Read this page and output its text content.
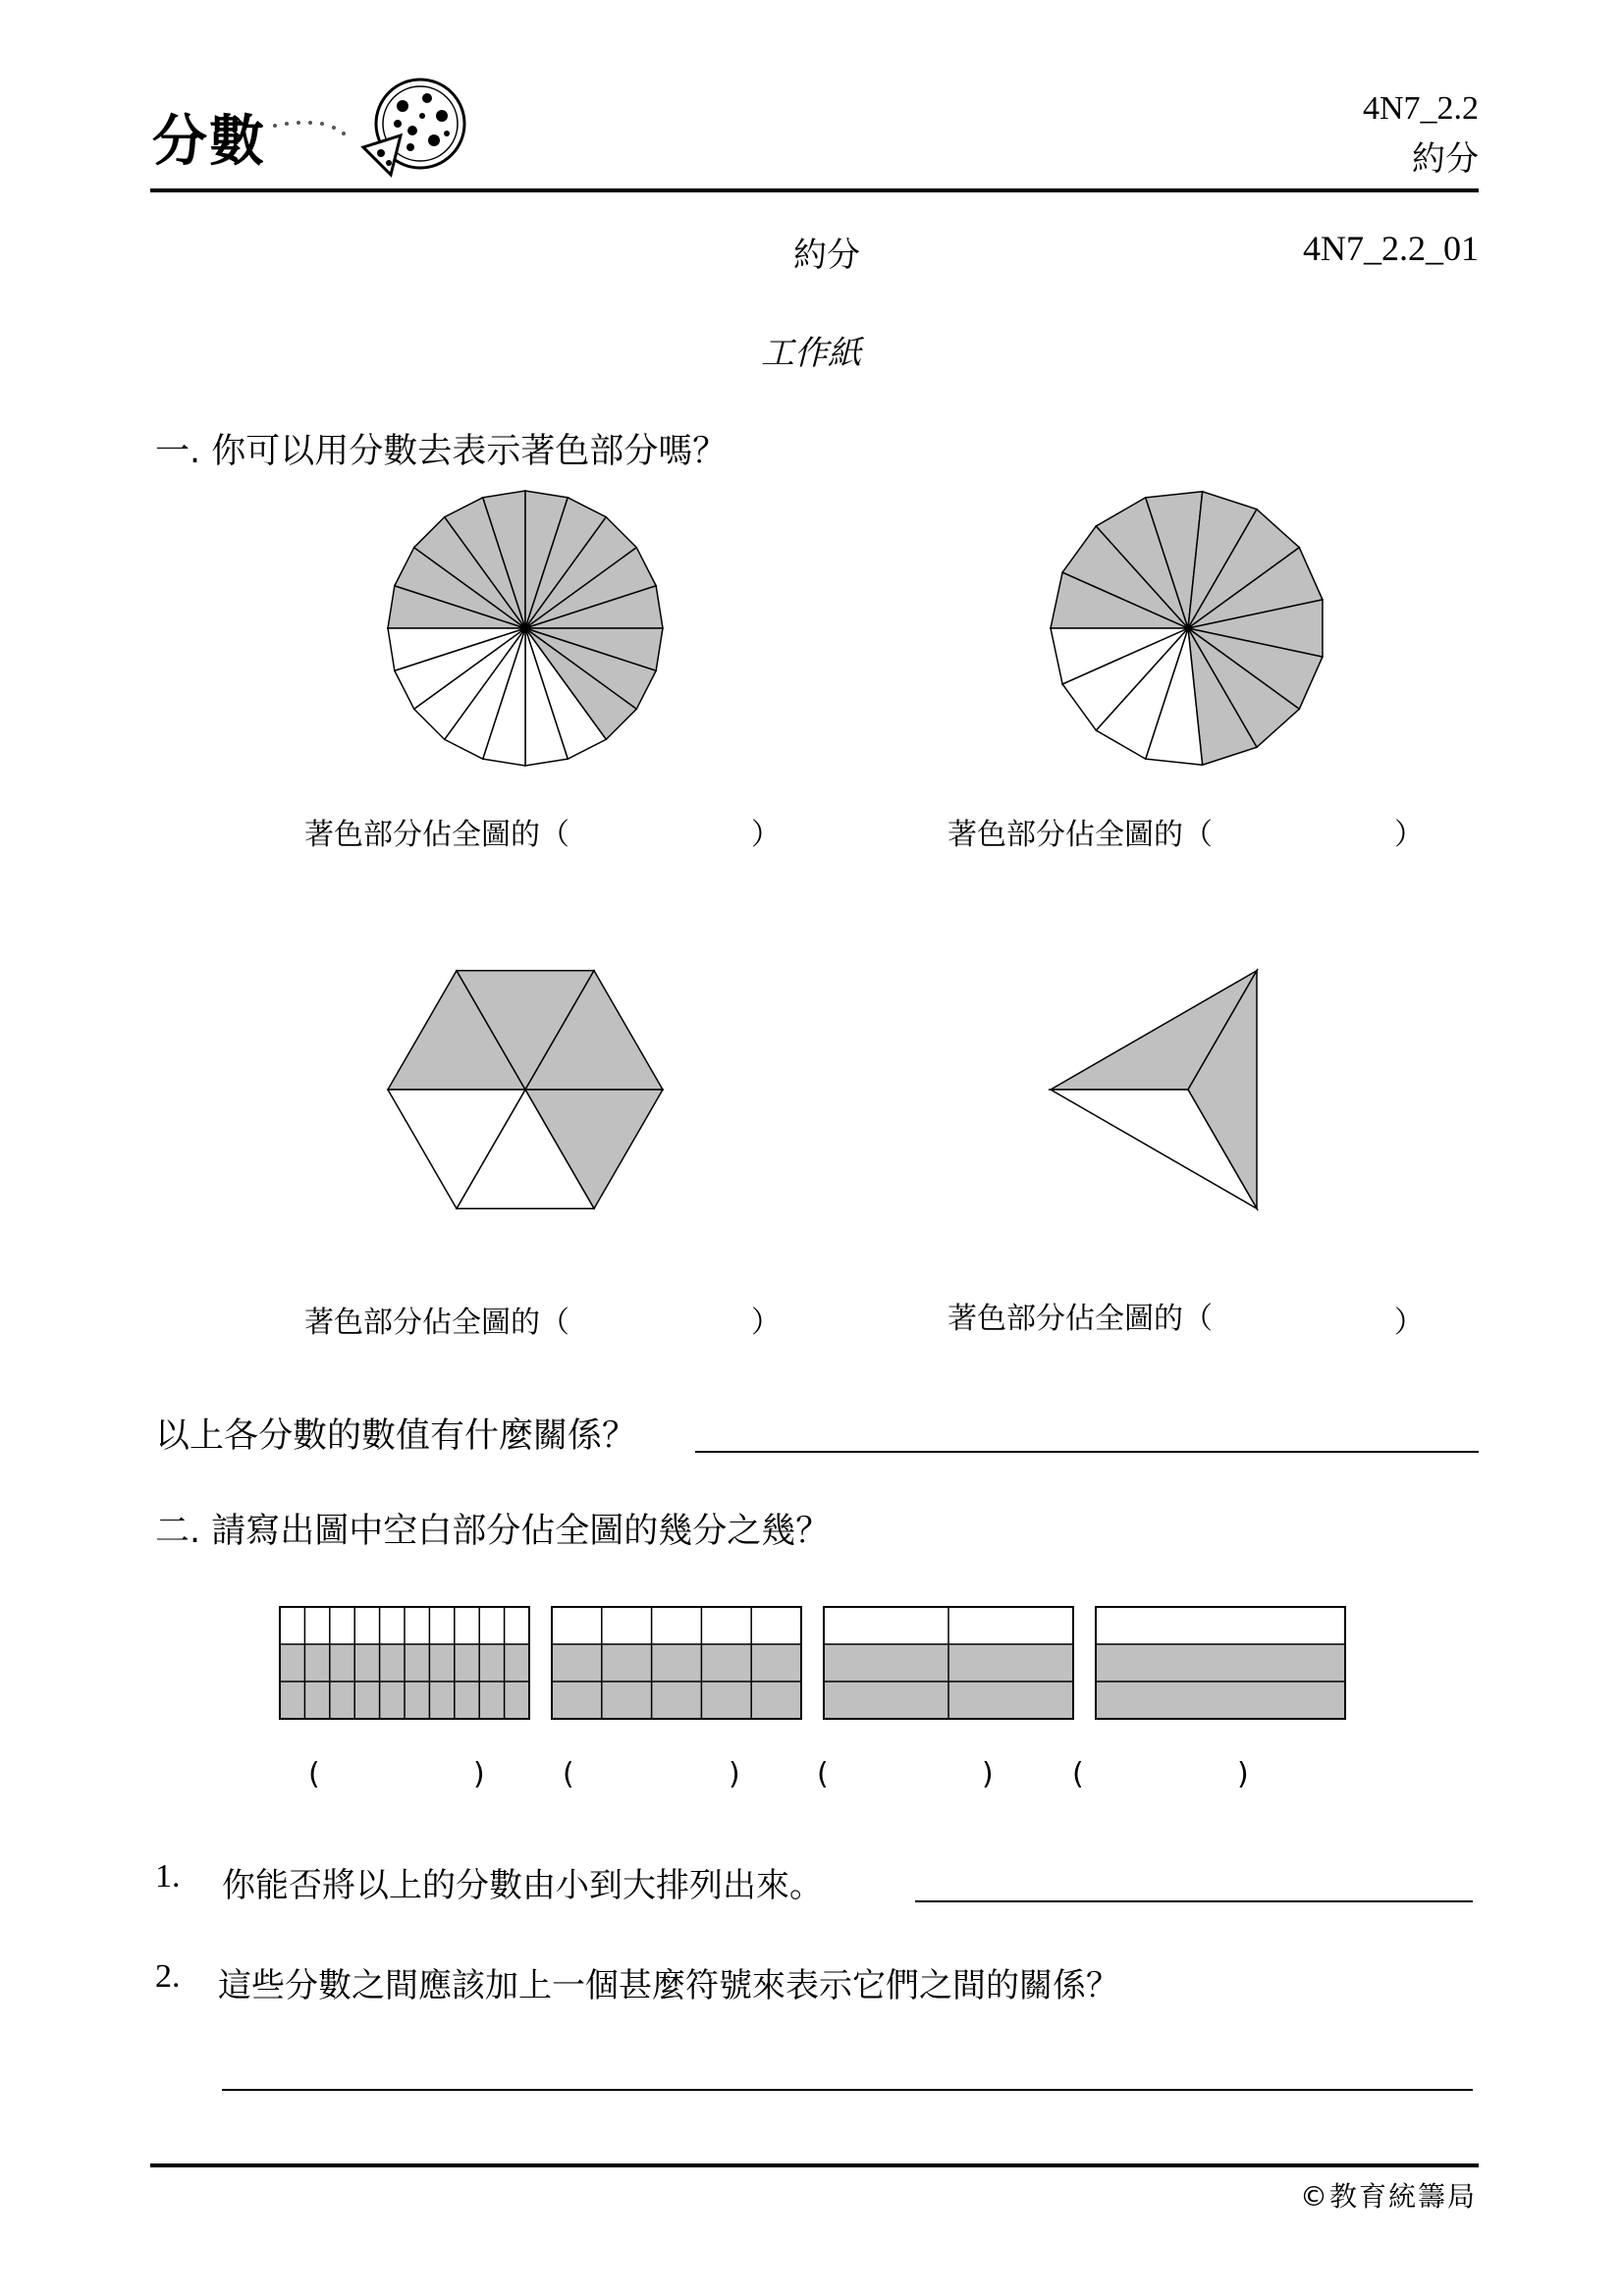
分數
4N7_2.2
約分
約分	4N7_2.2_01
工作紙
一. 你可以用分數去表示著色部分嗎？
著色部分佔全圖的（	）	著色部分佔全圖的（	）
著色部分佔全圖的（	）	著色部分佔全圖的（	）
以上各分數的數值有什麼關係？
二. 請寫出圖中空白部分佔全圖的幾分之幾？
(	)	(	)	(	)	(	)
1. 你能否將以上的分數由小到大排列出來。
2. 這些分數之間應該加上一個甚麼符號來表示它們之間的關係？
©教育統籌局
